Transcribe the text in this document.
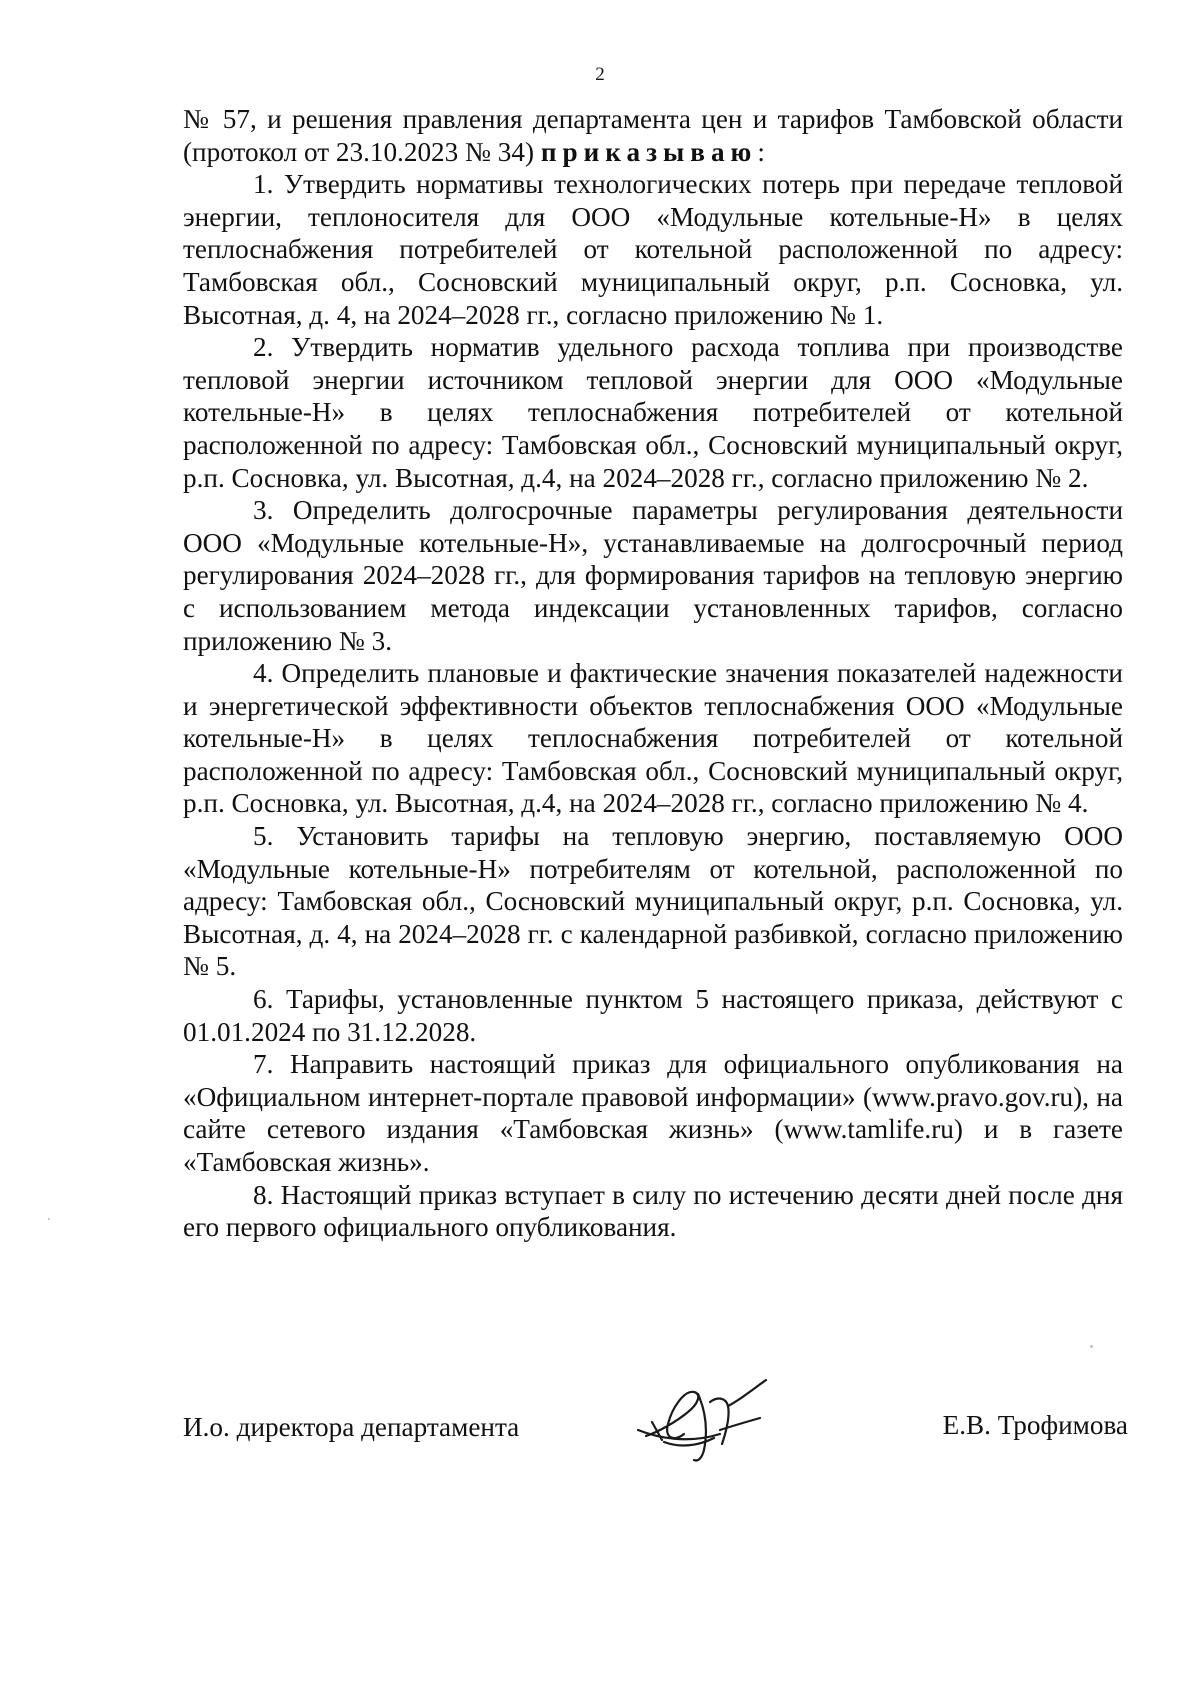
2

№ 57, и решения правления департамента цен и тарифов Тамбовской области (протокол от 23.10.2023 № 34) приказываю:

1. Утвердить нормативы технологических потерь при передаче тепловой энергии, теплоносителя для ООО «Модульные котельные-Н» в целях теплоснабжения потребителей от котельной расположенной по адресу: Тамбовская обл., Сосновский муниципальный округ, р.п. Сосновка, ул. Высотная, д. 4, на 2024–2028 гг., согласно приложению № 1.

2. Утвердить норматив удельного расхода топлива при производстве тепловой энергии источником тепловой энергии для ООО «Модульные котельные-Н» в целях теплоснабжения потребителей от котельной расположенной по адресу: Тамбовская обл., Сосновский муниципальный округ, р.п. Сосновка, ул. Высотная, д.4, на 2024–2028 гг., согласно приложению № 2.

3. Определить долгосрочные параметры регулирования деятельности ООО «Модульные котельные-Н», устанавливаемые на долгосрочный период регулирования 2024–2028 гг., для формирования тарифов на тепловую энергию с использованием метода индексации установленных тарифов, согласно приложению № 3.

4. Определить плановые и фактические значения показателей надежности и энергетической эффективности объектов теплоснабжения ООО «Модульные котельные-Н» в целях теплоснабжения потребителей от котельной расположенной по адресу: Тамбовская обл., Сосновский муниципальный округ, р.п. Сосновка, ул. Высотная, д.4, на 2024–2028 гг., согласно приложению № 4.

5. Установить тарифы на тепловую энергию, поставляемую ООО «Модульные котельные-Н» потребителям от котельной, расположенной по адресу: Тамбовская обл., Сосновский муниципальный округ, р.п. Сосновка, ул. Высотная, д. 4, на 2024–2028 гг. с календарной разбивкой, согласно приложению № 5.

6. Тарифы, установленные пунктом 5 настоящего приказа, действуют с 01.01.2024 по 31.12.2028.

7. Направить настоящий приказ для официального опубликования на «Официальном интернет-портале правовой информации» (www.pravo.gov.ru), на сайте сетевого издания «Тамбовская жизнь» (www.tamlife.ru) и в газете «Тамбовская жизнь».

8. Настоящий приказ вступает в силу по истечению десяти дней после дня его первого официального опубликования.

И.о. директора департамента	Е.В. Трофимова
